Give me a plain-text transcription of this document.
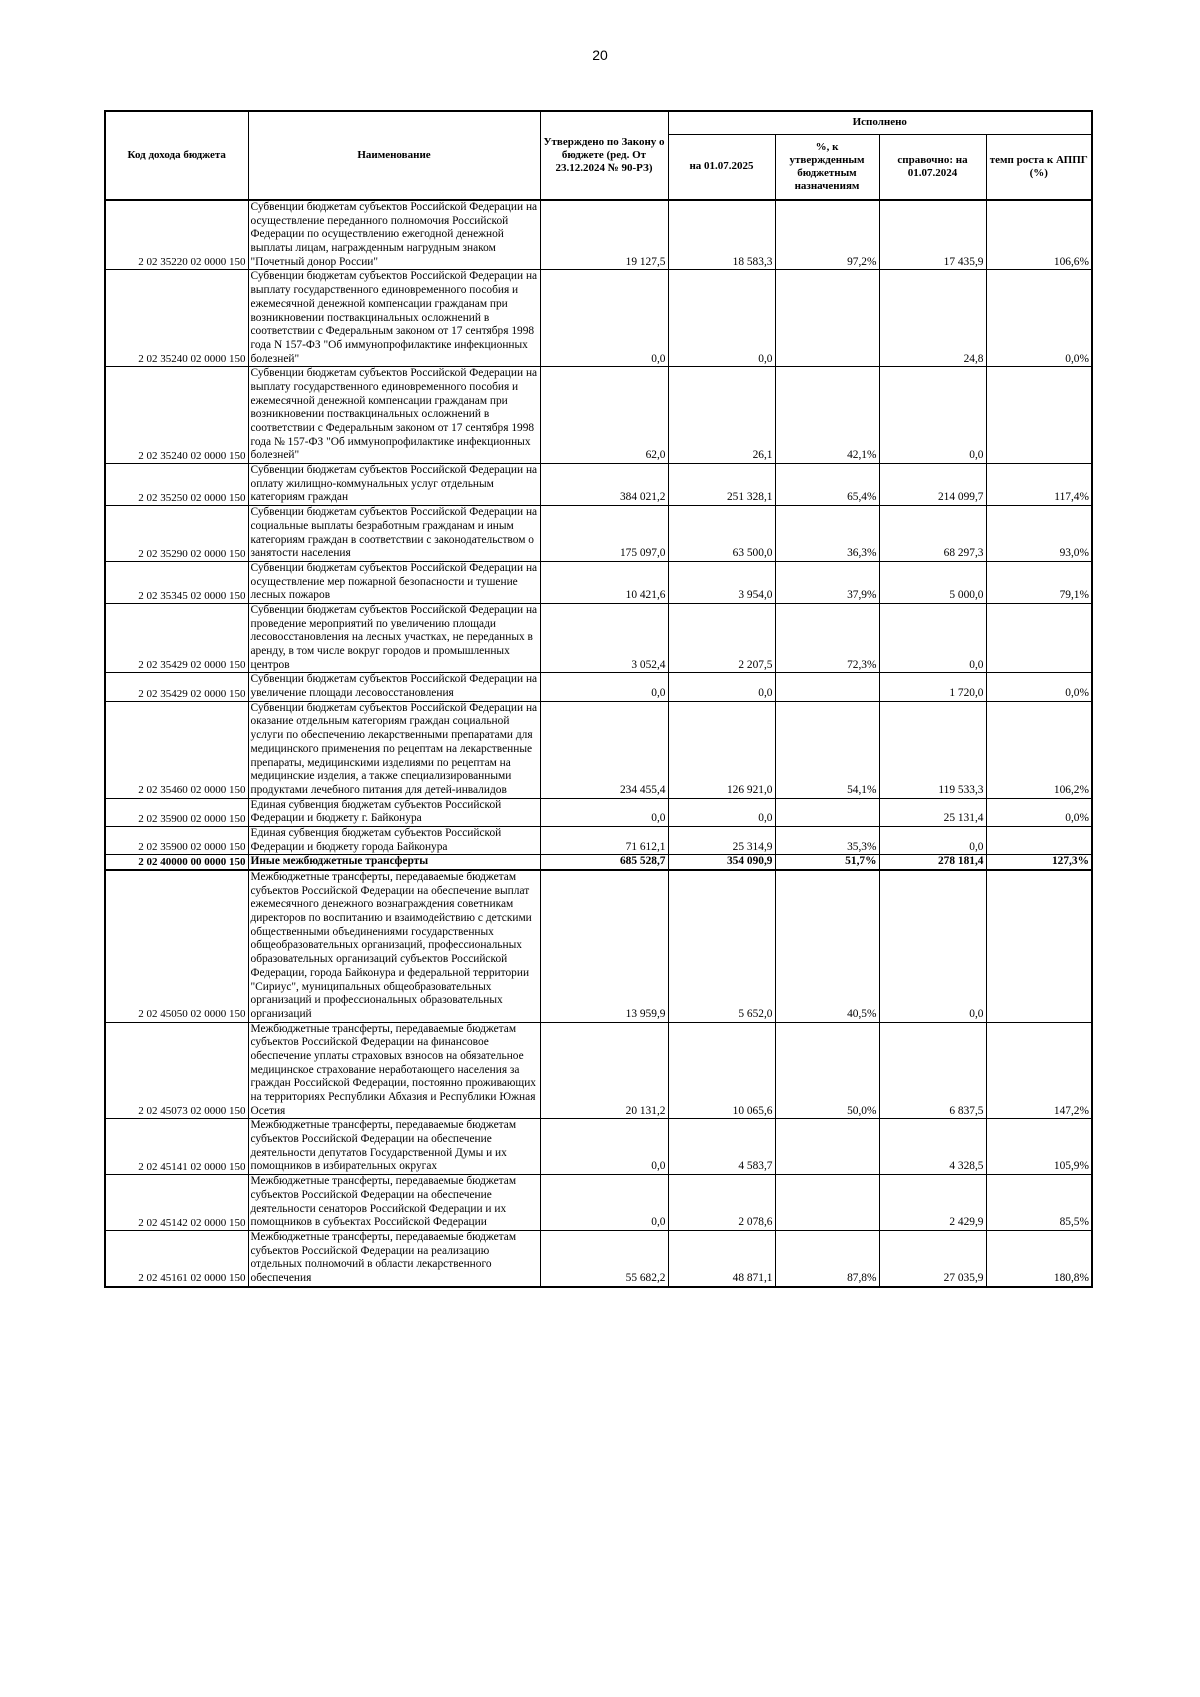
20
Код дохода бюджета	Наименование	Утверждено по Закону о бюджете (ред. От 23.12.2024 № 90-РЗ)	Исполнено			
			на 01.07.2025	%, к утвержденным бюджетным назначениям	справочно: на 01.07.2024	темп роста к АППГ (%)
2 02 35220 02 0000 150	Субвенции бюджетам субъектов Российской Федерации на осуществление переданного полномочия Российской Федерации по осуществлению ежегодной денежной выплаты лицам, награжденным нагрудным знаком "Почетный донор России"	19 127,5	18 583,3	97,2%	17 435,9	106,6%
2 02 35240 02 0000 150	Субвенции бюджетам субъектов Российской Федерации на выплату государственного единовременного пособия и ежемесячной денежной компенсации гражданам при возникновении поствакцинальных осложнений в соответствии с Федеральным законом от 17 сентября 1998 года N 157-ФЗ "Об иммунопрофилактике инфекционных болезней"	0,0	0,0		24,8	0,0%
2 02 35240 02 0000 150	Субвенции бюджетам субъектов Российской Федерации на выплату государственного единовременного пособия и ежемесячной денежной компенсации гражданам при возникновении поствакцинальных осложнений в соответствии с Федеральным законом от 17 сентября 1998 года № 157-ФЗ "Об иммунопрофилактике инфекционных болезней"	62,0	26,1	42,1%	0,0	
2 02 35250 02 0000 150	Субвенции бюджетам субъектов Российской Федерации на оплату жилищно-коммунальных услуг отдельным категориям граждан	384 021,2	251 328,1	65,4%	214 099,7	117,4%
2 02 35290 02 0000 150	Субвенции бюджетам субъектов Российской Федерации на социальные выплаты безработным гражданам и иным категориям граждан в соответствии с законодательством о занятости населения	175 097,0	63 500,0	36,3%	68 297,3	93,0%
2 02 35345 02 0000 150	Субвенции бюджетам субъектов Российской Федерации на осуществление мер пожарной безопасности и тушение лесных пожаров	10 421,6	3 954,0	37,9%	5 000,0	79,1%
2 02 35429 02 0000 150	Субвенции бюджетам субъектов Российской Федерации на проведение мероприятий по увеличению площади лесовосстановления на лесных участках, не переданных в аренду, в том числе вокруг городов и промышленных центров	3 052,4	2 207,5	72,3%	0,0	
2 02 35429 02 0000 150	Субвенции бюджетам субъектов Российской Федерации на увеличение площади лесовосстановления	0,0	0,0		1 720,0	0,0%
2 02 35460 02 0000 150	Субвенции бюджетам субъектов Российской Федерации на оказание отдельным категориям граждан социальной услуги по обеспечению лекарственными препаратами для медицинского применения по рецептам на лекарственные препараты, медицинскими изделиями по рецептам на медицинские изделия, а также специализированными продуктами лечебного питания для детей-инвалидов	234 455,4	126 921,0	54,1%	119 533,3	106,2%
2 02 35900 02 0000 150	Единая субвенция бюджетам субъектов Российской Федерации и бюджету г. Байконура	0,0	0,0		25 131,4	0,0%
2 02 35900 02 0000 150	Единая субвенция бюджетам субъектов Российской Федерации и бюджету города Байконура	71 612,1	25 314,9	35,3%	0,0	
2 02 40000 00 0000 150	Иные межбюджетные трансферты	685 528,7	354 090,9	51,7%	278 181,4	127,3%
2 02 45050 02 0000 150	Межбюджетные трансферты, передаваемые бюджетам субъектов Российской Федерации на обеспечение выплат ежемесячного денежного вознаграждения советникам директоров по воспитанию и взаимодействию с детскими общественными объединениями государственных общеобразовательных организаций, профессиональных образовательных организаций субъектов Российской Федерации, города Байконура и федеральной территории "Сириус", муниципальных общеобразовательных организаций и профессиональных образовательных организаций	13 959,9	5 652,0	40,5%	0,0	
2 02 45073 02 0000 150	Межбюджетные трансферты, передаваемые бюджетам субъектов Российской Федерации на финансовое обеспечение уплаты страховых взносов на обязательное медицинское страхование неработающего населения за граждан Российской Федерации, постоянно проживающих на территориях Республики Абхазия и Республики Южная Осетия	20 131,2	10 065,6	50,0%	6 837,5	147,2%
2 02 45141 02 0000 150	Межбюджетные трансферты, передаваемые бюджетам субъектов Российской Федерации на обеспечение деятельности депутатов Государственной Думы и их помощников в избирательных округах	0,0	4 583,7		4 328,5	105,9%
2 02 45142 02 0000 150	Межбюджетные трансферты, передаваемые бюджетам субъектов Российской Федерации на обеспечение деятельности сенаторов Российской Федерации и их помощников в субъектах Российской Федерации	0,0	2 078,6		2 429,9	85,5%
2 02 45161 02 0000 150	Межбюджетные трансферты, передаваемые бюджетам субъектов Российской Федерации на реализацию отдельных полномочий в области лекарственного обеспечения	55 682,2	48 871,1	87,8%	27 035,9	180,8%
